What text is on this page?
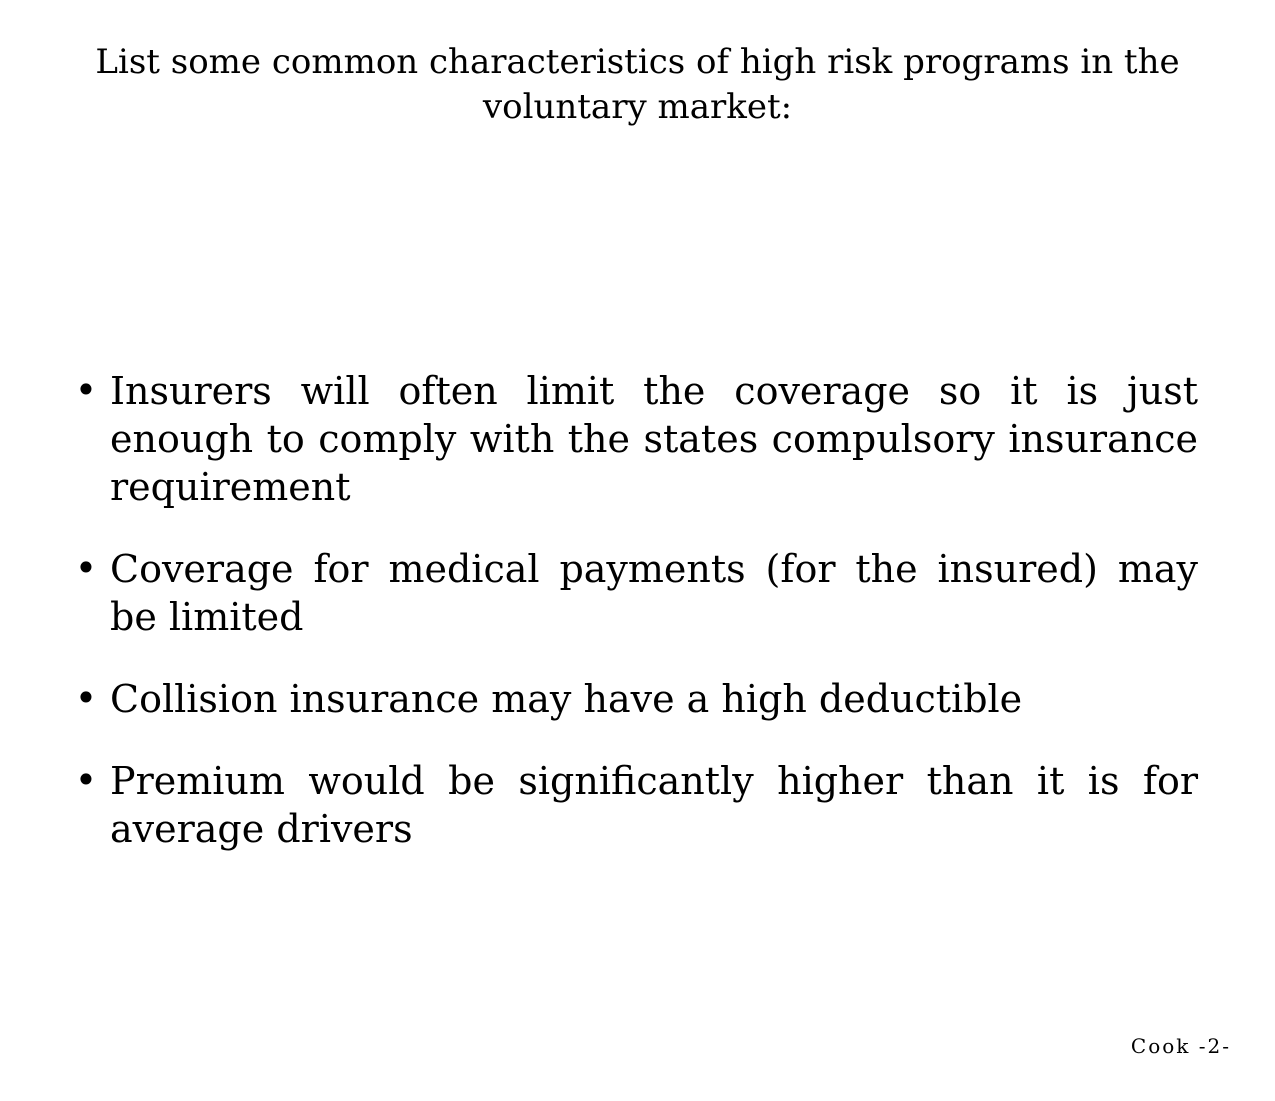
List some common characteristics of high risk programs in the voluntary market:
• Insurers will often limit the coverage so it is just enough to comply with the states compulsory insurance requirement
• Coverage for medical payments (for the insured) may be limited
• Collision insurance may have a high deductible
• Premium would be significantly higher than it is for average drivers
Cook -2-
